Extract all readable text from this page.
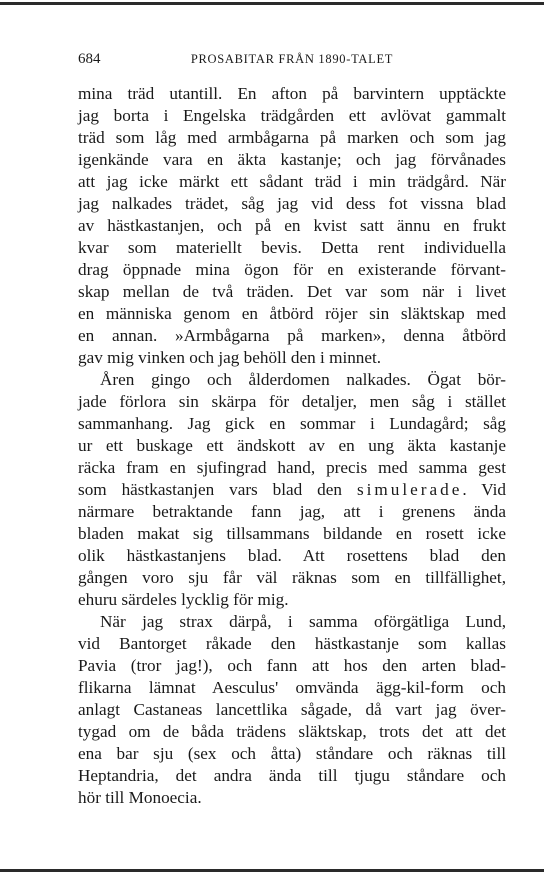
684	PROSABITAR FRÅN 1890-TALET
mina träd utantill. En afton på barvintern upptäckte
jag borta i Engelska trädgården ett avlövat gammalt
träd som låg med armbågarna på marken och som jag
igenkände vara en äkta kastanje; och jag förvånades
att jag icke märkt ett sådant träd i min trädgård. När
jag nalkades trädet, såg jag vid dess fot vissna blad
av hästkastanjen, och på en kvist satt ännu en frukt
kvar som materiellt bevis. Detta rent individuella
drag öppnade mina ögon för en existerande förvant-
skap mellan de två träden. Det var som när i livet
en människa genom en åtbörd röjer sin släktskap med
en annan. »Armbågarna på marken», denna åtbörd
gav mig vinken och jag behöll den i minnet.
Åren gingo och ålderdomen nalkades. Ögat bör-
jade förlora sin skärpa för detaljer, men såg i stället
sammanhang. Jag gick en sommar i Lundagård; såg
ur ett buskage ett ändskott av en ung äkta kastanje
räcka fram en sjufingrad hand, precis med samma gest
som hästkastanjen vars blad den simulerade. Vid
närmare betraktande fann jag, att i grenens ända
bladen makat sig tillsammans bildande en rosett icke
olik hästkastanjens blad. Att rosettens blad den
gången voro sju får väl räknas som en tillfällighet,
ehuru särdeles lycklig för mig.
När jag strax därpå, i samma oförgätliga Lund,
vid Bantorget råkade den hästkastanje som kallas
Pavia (tror jag!), och fann att hos den arten blad-
flikarna lämnat Aesculus' omvända ägg-kil-form och
anlagt Castaneas lancettlika sågade, då vart jag över-
tygad om de båda trädens släktskap, trots det att det
ena bar sju (sex och åtta) ståndare och räknas till
Heptandria, det andra ända till tjugu ståndare och
hör till Monoecia.
